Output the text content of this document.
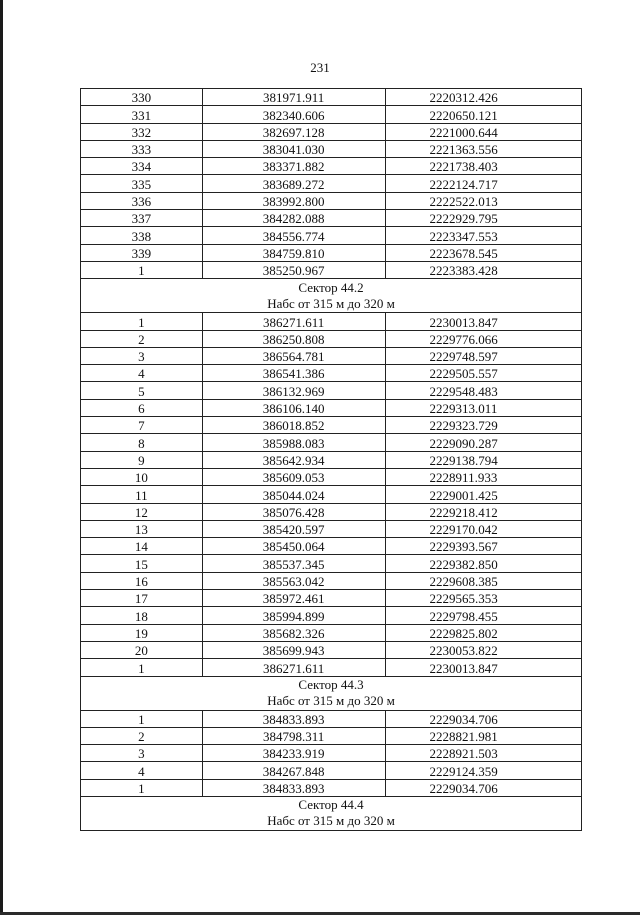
231
330	381971.911	2220312.426
331	382340.606	2220650.121
332	382697.128	2221000.644
333	383041.030	2221363.556
334	383371.882	2221738.403
335	383689.272	2222124.717
336	383992.800	2222522.013
337	384282.088	2222929.795
338	384556.774	2223347.553
339	384759.810	2223678.545
1	385250.967	2223383.428

Сектор 44.2
Набс от 315 м до 320 м		

1	386271.611	2230013.847
2	386250.808	2229776.066
3	386564.781	2229748.597
4	386541.386	2229505.557
5	386132.969	2229548.483
6	386106.140	2229313.011
7	386018.852	2229323.729
8	385988.083	2229090.287
9	385642.934	2229138.794
10	385609.053	2228911.933
11	385044.024	2229001.425
12	385076.428	2229218.412
13	385420.597	2229170.042
14	385450.064	2229393.567
15	385537.345	2229382.850
16	385563.042	2229608.385
17	385972.461	2229565.353
18	385994.899	2229798.455
19	385682.326	2229825.802
20	385699.943	2230053.822
1	386271.611	2230013.847

Сектор 44.3
Набс от 315 м до 320 м		

1	384833.893	2229034.706
2	384798.311	2228821.981
3	384233.919	2228921.503
4	384267.848	2229124.359
1	384833.893	2229034.706

Сектор 44.4
Набс от 315 м до 320 м		
